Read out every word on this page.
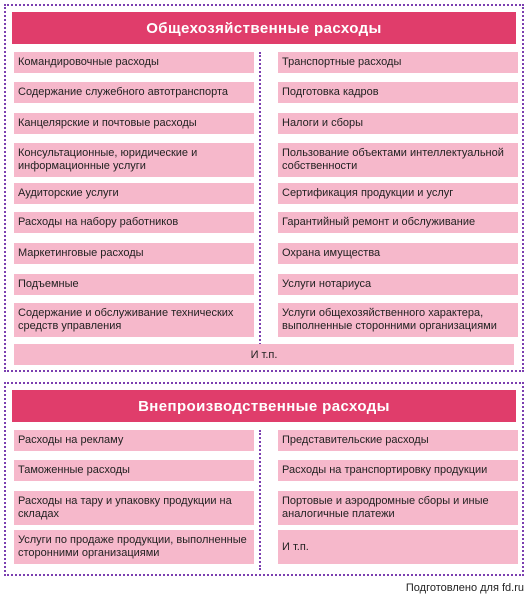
Общехозяйственные расходы
Командировочные расходы
Содержание служебного автотранспорта
Канцелярские и почтовые расходы
Консультационные, юридические и информационные услуги
Аудиторские услуги
Расходы на набору работников
Маркетинговые расходы
Подъемные
Содержание и обслуживание технических средств управления
Транспортные расходы
Подготовка кадров
Налоги и сборы
Пользование объектами интеллектуальной собственности
Сертификация продукции и услуг
Гарантийный ремонт и обслуживание
Охрана имущества
Услуги нотариуса
Услуги общехозяйственного характера, выполненные сторонними организациями
И т.п.
Внепроизводственные расходы
Расходы на рекламу
Таможенные расходы
Расходы на тару и упаковку продукции на складах
Услуги по продаже продукции, выполненные сторонними организациями
Представительские расходы
Расходы на транспортировку продукции
Портовые и аэродромные сборы и иные аналогичные платежи
И т.п.
Подготовлено для fd.ru
